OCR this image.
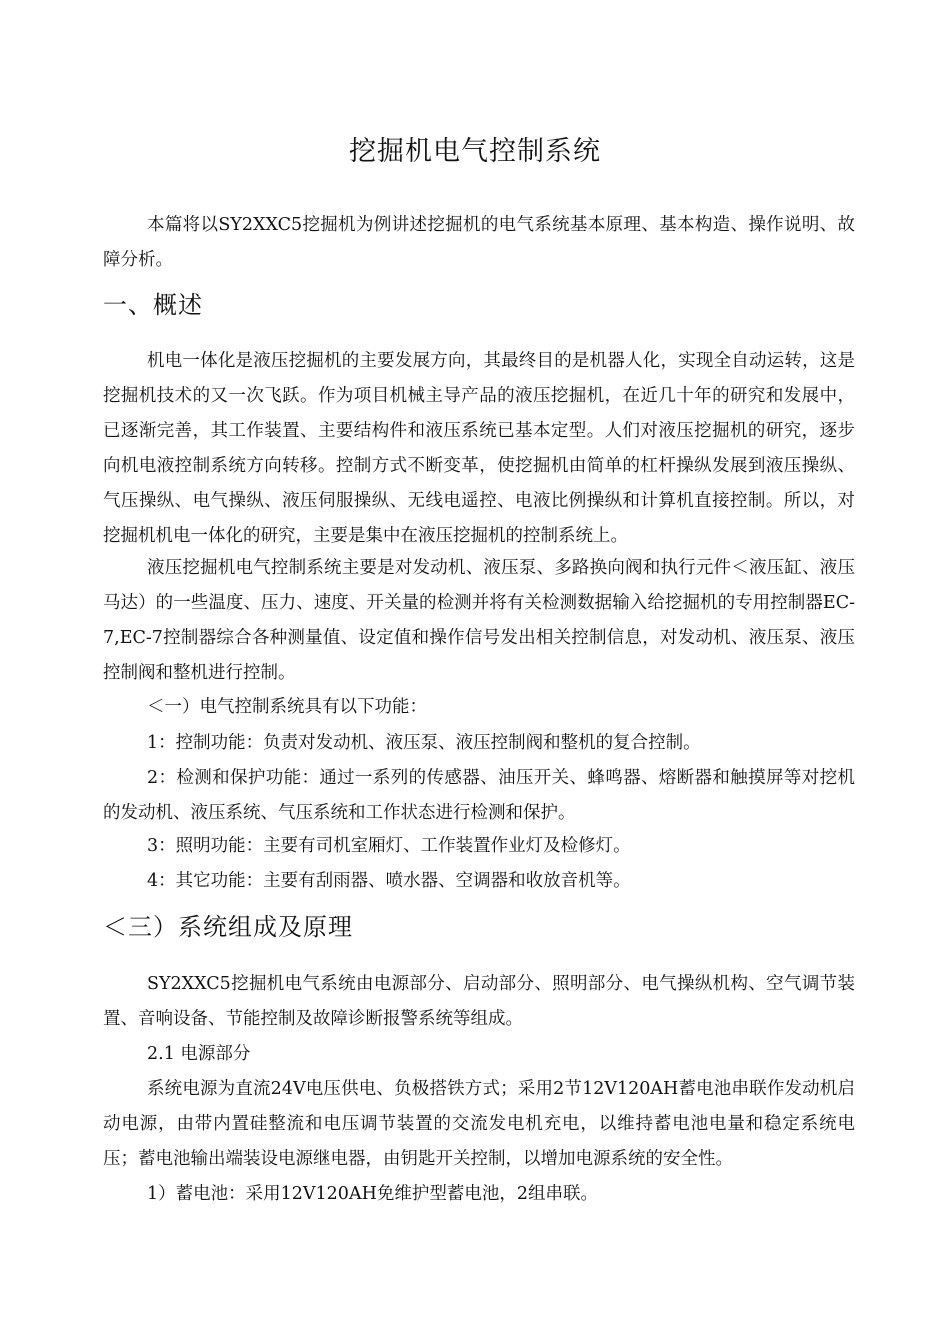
挖掘机电气控制系统

本篇将以SY2XXC5挖掘机为例讲述挖掘机的电气系统基本原理、基本构造、操作说明、故障分析。

一、概述

机电一体化是液压挖掘机的主要发展方向，其最终目的是机器人化，实现全自动运转，这是挖掘机技术的又一次飞跃。作为项目机械主导产品的液压挖掘机，在近几十年的研究和发展中，已逐渐完善，其工作装置、主要结构件和液压系统已基本定型。人们对液压挖掘机的研究，逐步向机电液控制系统方向转移。控制方式不断变革，使挖掘机由简单的杠杆操纵发展到液压操纵、气压操纵、电气操纵、液压伺服操纵、无线电遥控、电液比例操纵和计算机直接控制。所以，对挖掘机机电一体化的研究，主要是集中在液压挖掘机的控制系统上。

液压挖掘机电气控制系统主要是对发动机、液压泵、多路换向阀和执行元件＜液压缸、液压马达）的一些温度、压力、速度、开关量的检测并将有关检测数据输入给挖掘机的专用控制器EC-7,EC-7控制器综合各种测量值、设定值和操作信号发出相关控制信息，对发动机、液压泵、液压控制阀和整机进行控制。

＜一）电气控制系统具有以下功能：

1：控制功能：负责对发动机、液压泵、液压控制阀和整机的复合控制。

2：检测和保护功能：通过一系列的传感器、油压开关、蜂鸣器、熔断器和触摸屏等对挖机的发动机、液压系统、气压系统和工作状态进行检测和保护。

3：照明功能：主要有司机室厢灯、工作装置作业灯及检修灯。

4：其它功能：主要有刮雨器、喷水器、空调器和收放音机等。

＜三）系统组成及原理

SY2XXC5挖掘机电气系统由电源部分、启动部分、照明部分、电气操纵机构、空气调节装置、音响设备、节能控制及故障诊断报警系统等组成。

2.1 电源部分

系统电源为直流24V电压供电、负极搭铁方式；采用2节12V120AH蓄电池串联作发动机启动电源，由带内置硅整流和电压调节装置的交流发电机充电，以维持蓄电池电量和稳定系统电压；蓄电池输出端装设电源继电器，由钥匙开关控制，以增加电源系统的安全性。

1）蓄电池：采用12V120AH免维护型蓄电池，2组串联。
